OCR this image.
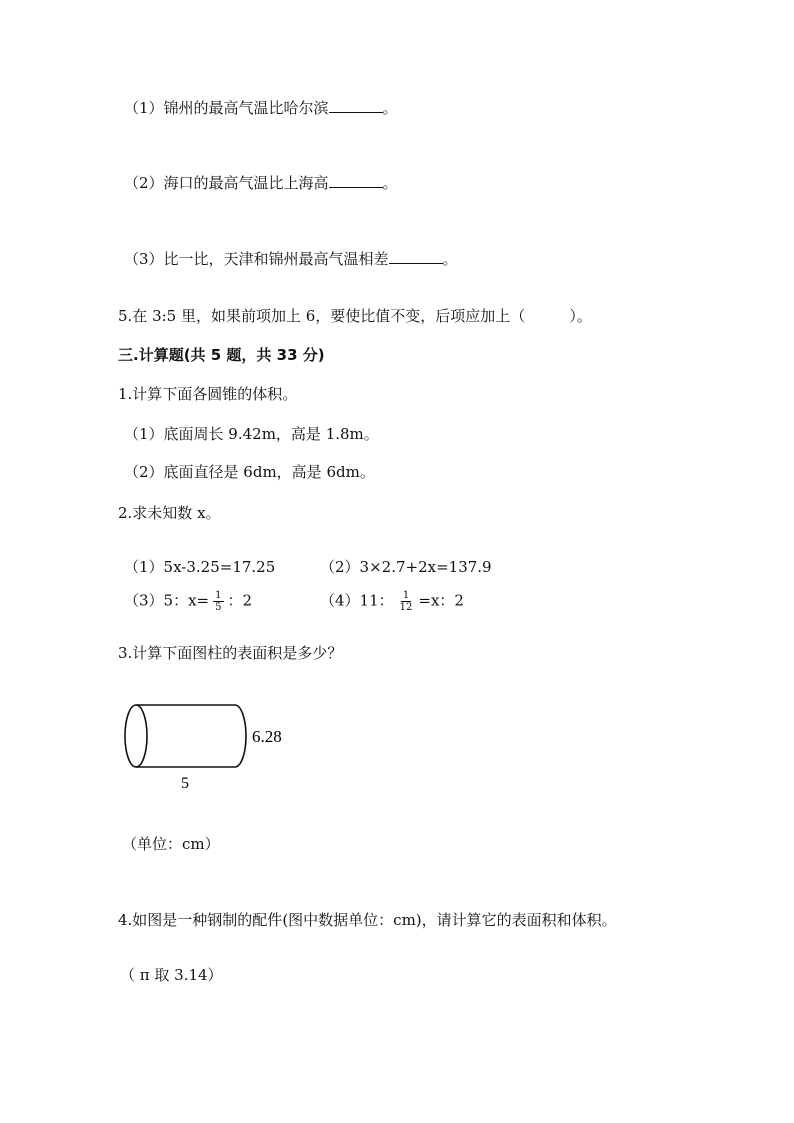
（1）锦州的最高气温比哈尔滨	。
（2）海口的最高气温比上海高	。
（3）比一比，天津和锦州最高气温相差	。
5.在 3:5 里，如果前项加上 6，要使比值不变，后项应加上（	）。
三.计算题(共 5 题，共 33 分)
1.计算下面各圆锥的体积。
（1）底面周长 9.42m，高是 1.8m。
（2）底面直径是 6dm，高是 6dm。
2.求未知数 x。
（1）5x-3.25=17.25	（2）3×2.7+2x=137.9
（3）5：$x= \frac{1}{5}$ ：2	（4）11： $\frac{1}{12} =x$：2
3.计算下面图柱的表面积是多少？
6.28
5
（单位：cm）
4.如图是一种钢制的配件(图中数据单位：cm)，请计算它的表面积和体积。
（ π 取 3.14）
